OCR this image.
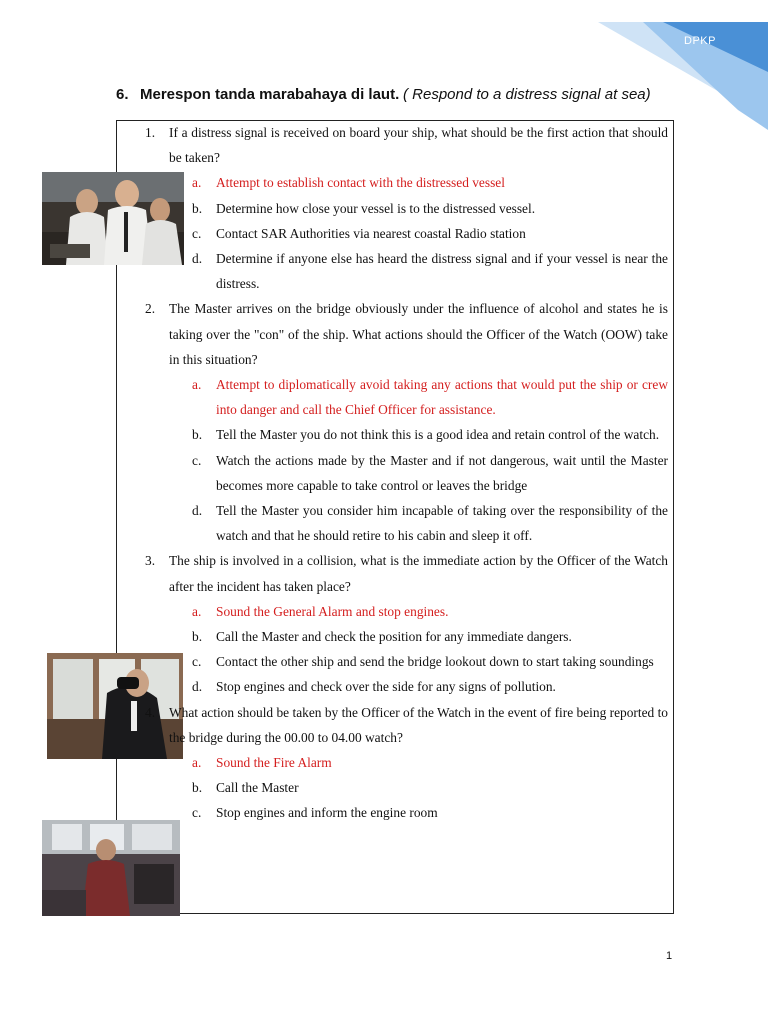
DPKP
6. Merespon tanda marabahaya di laut. ( Respond to a distress signal at sea)
1. If a distress signal is received on board your ship, what should be the first action that should be taken?
a. Attempt to establish contact with the distressed vessel
b. Determine how close your vessel is to the distressed vessel.
c. Contact SAR Authorities via nearest coastal Radio station
d. Determine if anyone else has heard the distress signal and if your vessel is near the distress.
2. The Master arrives on the bridge obviously under the influence of alcohol and states he is taking over the "con" of the ship. What actions should the Officer of the Watch (OOW) take in this situation?
a. Attempt to diplomatically avoid taking any actions that would put the ship or crew into danger and call the Chief Officer for assistance.
b. Tell the Master you do not think this is a good idea and retain control of the watch.
c. Watch the actions made by the Master and if not dangerous, wait until the Master becomes more capable to take control or leaves the bridge
d. Tell the Master you consider him incapable of taking over the responsibility of the watch and that he should retire to his cabin and sleep it off.
3. The ship is involved in a collision, what is the immediate action by the Officer of the Watch after the incident has taken place?
a. Sound the General Alarm and stop engines.
b. Call the Master and check the position for any immediate dangers.
c. Contact the other ship and send the bridge lookout down to start taking soundings
d. Stop engines and check over the side for any signs of pollution.
4. What action should be taken by the Officer of the Watch in the event of fire being reported to the bridge during the 00.00 to 04.00 watch?
a. Sound the Fire Alarm
b. Call the Master
c. Stop engines and inform the engine room
1
